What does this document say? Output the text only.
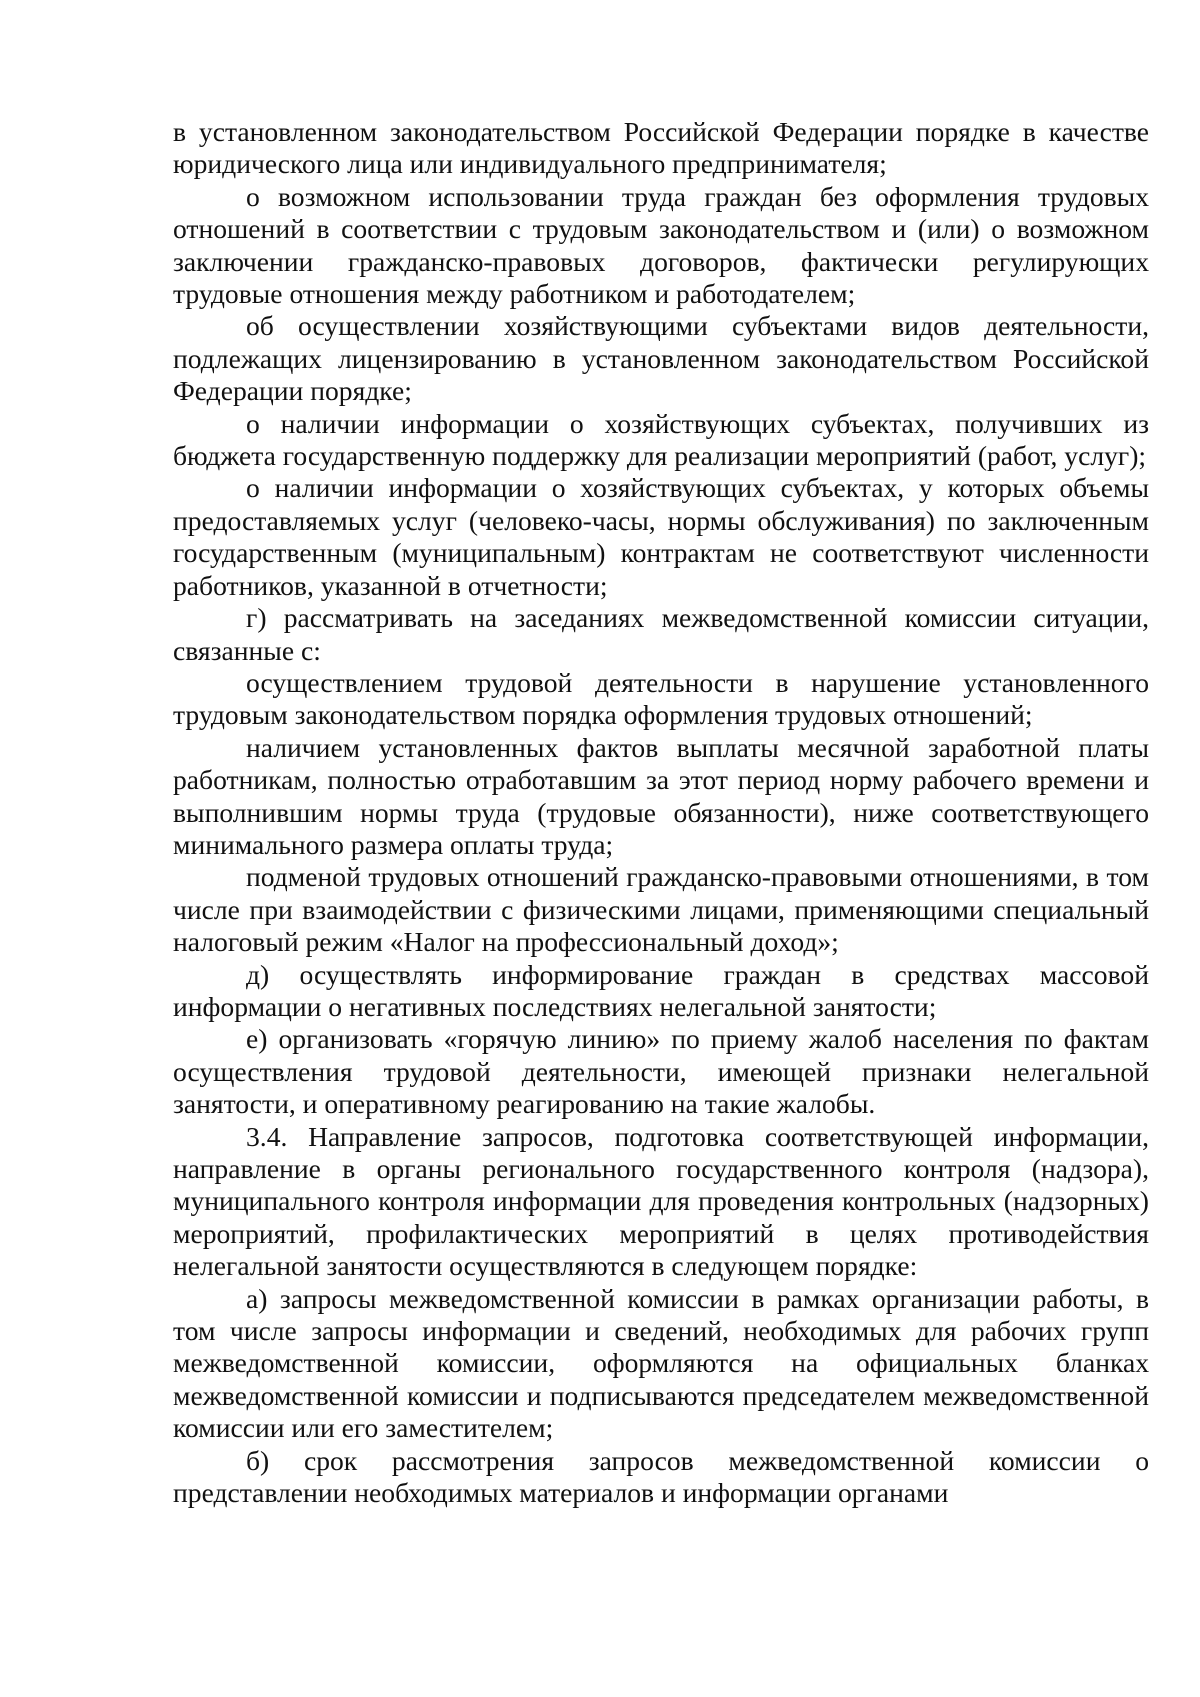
в установленном законодательством Российской Федерации порядке в качестве юридического лица или индивидуального предпринимателя;

о возможном использовании труда граждан без оформления трудовых отношений в соответствии с трудовым законодательством и (или) о возможном заключении гражданско-правовых договоров, фактически регулирующих трудовые отношения между работником и работодателем;

об осуществлении хозяйствующими субъектами видов деятельности, подлежащих лицензированию в установленном законодательством Российской Федерации порядке;

о наличии информации о хозяйствующих субъектах, получивших из бюджета государственную поддержку для реализации мероприятий (работ, услуг);

о наличии информации о хозяйствующих субъектах, у которых объемы предоставляемых услуг (человеко-часы, нормы обслуживания) по заключенным государственным (муниципальным) контрактам не соответствуют численности работников, указанной в отчетности;

г) рассматривать на заседаниях межведомственной комиссии ситуации, связанные с:

осуществлением трудовой деятельности в нарушение установленного трудовым законодательством порядка оформления трудовых отношений;

наличием установленных фактов выплаты месячной заработной платы работникам, полностью отработавшим за этот период норму рабочего времени и выполнившим нормы труда (трудовые обязанности), ниже соответствующего минимального размера оплаты труда;

подменой трудовых отношений гражданско-правовыми отношениями, в том числе при взаимодействии с физическими лицами, применяющими специальный налоговый режим «Налог на профессиональный доход»;

д) осуществлять информирование граждан в средствах массовой информации о негативных последствиях нелегальной занятости;

е) организовать «горячую линию» по приему жалоб населения по фактам осуществления трудовой деятельности, имеющей признаки нелегальной занятости, и оперативному реагированию на такие жалобы.

3.4. Направление запросов, подготовка соответствующей информации, направление в органы регионального государственного контроля (надзора), муниципального контроля информации для проведения контрольных (надзорных) мероприятий, профилактических мероприятий в целях противодействия нелегальной занятости осуществляются в следующем порядке:

а) запросы межведомственной комиссии в рамках организации работы, в том числе запросы информации и сведений, необходимых для рабочих групп межведомственной комиссии, оформляются на официальных бланках межведомственной комиссии и подписываются председателем межведомственной комиссии или его заместителем;

б) срок рассмотрения запросов межведомственной комиссии о представлении необходимых материалов и информации органами
